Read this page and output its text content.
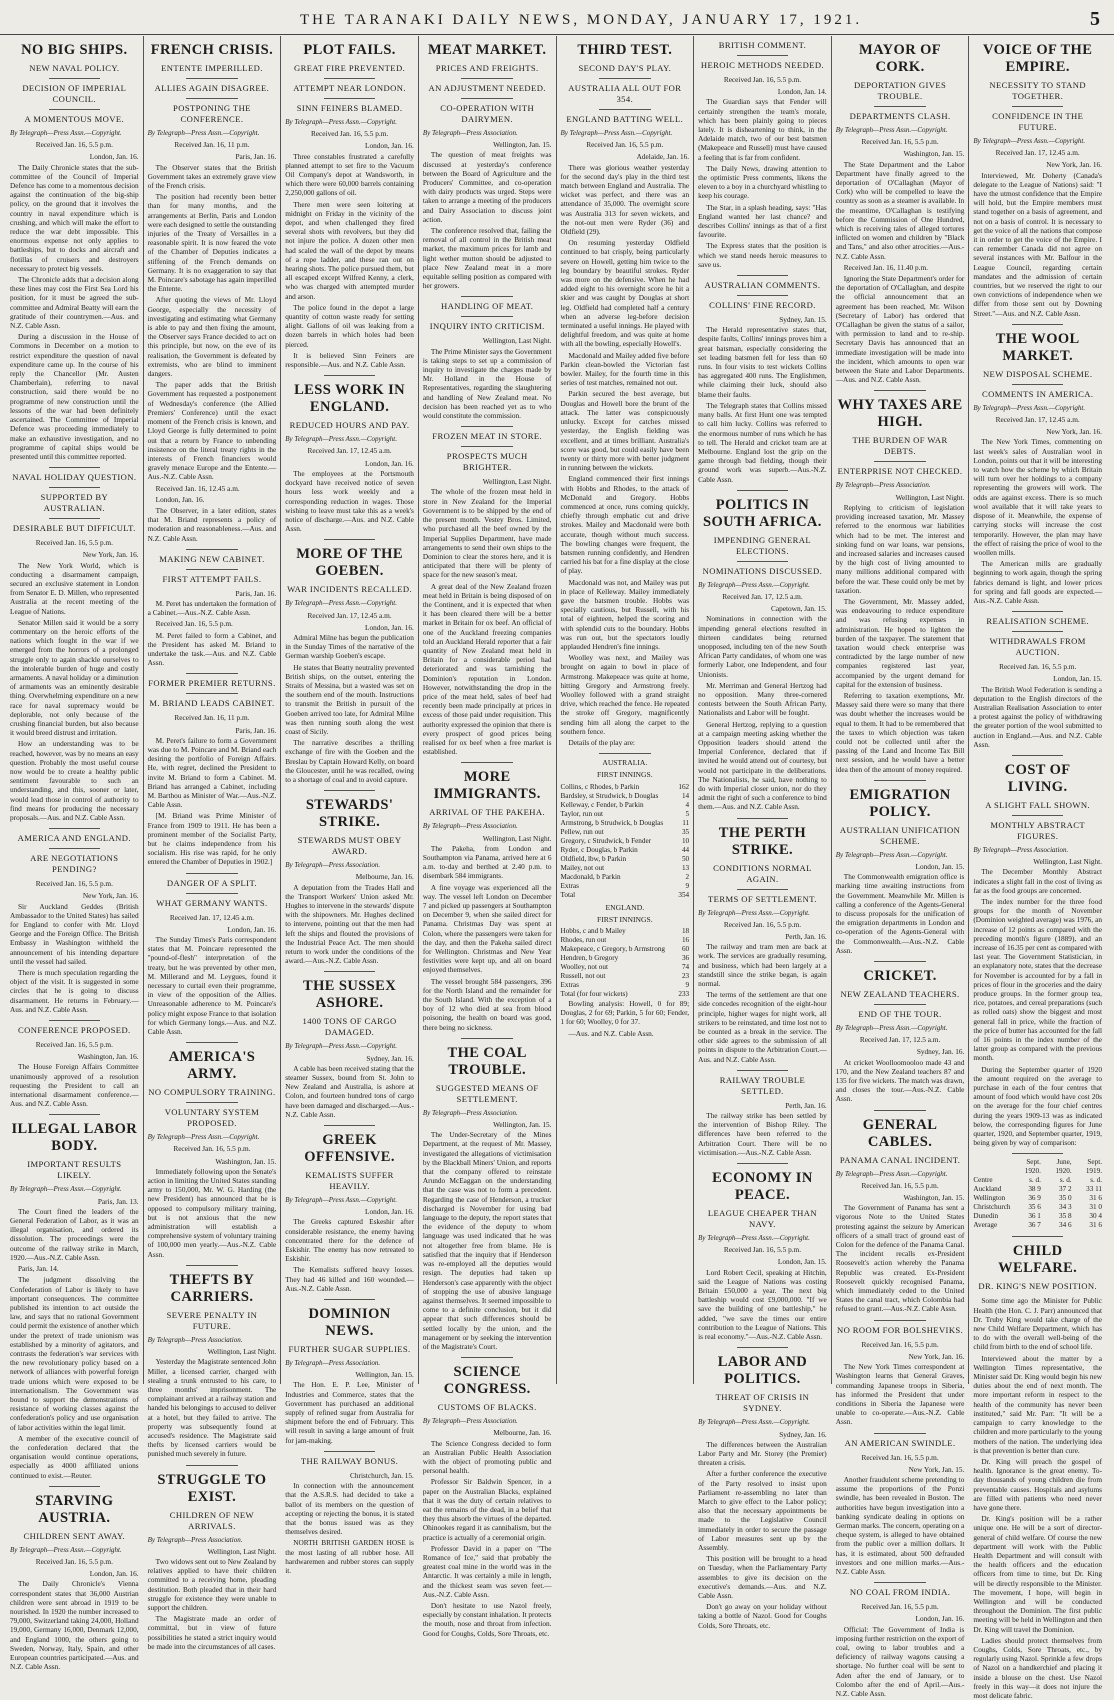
THE TARANAKI DAILY NEWS, MONDAY, JANUARY 17, 1921.	5
NO BIG SHIPS.
NEW NAVAL POLICY.
DECISION OF IMPERIAL COUNCIL.
A MOMENTOUS MOVE.
By Telegraph—Press Assn.—Copyright.
Received Jan. 16, 5.5 p.m.
London, Jan. 16.
The Daily Chronicle states that the sub-committee of the Council of Imperial Defence has come to a momentous decision against the continuation of the big-ship policy, on the ground that it involves the country in naval expenditure which is crushing, and which will make the effort to reduce the war debt impossible. This enormous expense not only applies to battleships, but to docks and aircraft and flotillas of cruisers and destroyers necessary to protect big vessels.
The Chronicle adds that a decision along these lines may cost the First Sea Lord his position, for it must be agreed the sub-committee and Admiral Beatty will earn the gratitude of their countrymen.—Aus. and N.Z. Cable Assn.
During a discussion in the House of Commons in December on a motion to restrict expenditure the question of naval expenditure came up. In the course of his reply the Chancellor (Mr. Austen Chamberlain), referring to naval construction, said there would be no programme of new construction until the lessons of the war had been definitely ascertained. The Committee of Imperial Defence was proceeding immediately to make an exhaustive investigation, and no programme of capital ships would be presented until this committee reported.
NAVAL HOLIDAY QUESTION.
SUPPORTED BY AUSTRALIAN.
DESIRABLE BUT DIFFICULT.
Received Jan. 16, 5.5 p.m.
New York, Jan. 16.
The New York World, which is conducting a disarmament campaign, secured an exclusive statement in London from Senator E. D. Millen, who represented Australia at the recent meeting of the League of Nations.
Senator Millen said it would be a sorry commentary on the heroic efforts of the nations which fought in the war if we emerged from the horrors of a prolonged struggle only to again shackle ourselves to the intolerable burden of huge and costly armaments. A naval holiday or a diminution of armaments was an eminently desirable thing. Overwhelming expenditure on a new race for naval supremacy would be deplorable, not only because of the crushing financial burden, but also because it would breed distrust and irritation.
How an understanding was to be reached, however, was by no means an easy question. Probably the most useful course now would be to create a healthy public sentiment favourable to such an understanding, and this, sooner or later, would lead those in control of authority to find means for producing the necessary proposals.—Aus. and N.Z. Cable Assn.
AMERICA AND ENGLAND.
ARE NEGOTIATIONS PENDING?
Received Jan. 16, 5.5 p.m.
New York, Jan. 16.
Sir Auckland Geddes (British Ambassador to the United States) has sailed for England to confer with Mr. Lloyd George and the Foreign Office. The British Embassy in Washington withheld the announcement of his intending departure until the vessel had sailed.
There is much speculation regarding the object of the visit. It is suggested in some circles that he is going to discuss disarmament. He returns in February.—Aus. and N.Z. Cable Assn.
CONFERENCE PROPOSED.
Received Jan. 16, 5.5 p.m.
Washington, Jan. 16.
The House Foreign Affairs Committee unanimously approved of a resolution requesting the President to call an international disarmament conference.—Aus. and N.Z. Cable Assn.
ILLEGAL LABOR BODY.
IMPORTANT RESULTS LIKELY.
By Telegraph—Press Assn.—Copyright.
Paris, Jan. 13.
The Court fined the leaders of the General Federation of Labor, as it was an illegal organisation, and ordered its dissolution. The proceedings were the outcome of the railway strike in March, 1920.—Aus.-N.Z. Cable Assn.
Paris, Jan. 14.
The judgment dissolving the Confederation of Labor is likely to have important consequences. The committee published its intention to act outside the law, and says that no rational Government could permit the existence of another which under the pretext of trade unionism was established by a minority of agitators, and contrasts the federation's war services with the new revolutionary policy based on a network of alliances with powerful foreign trade unions which were exposed to be internationalism. The Government was bound to support the demonstrations of resistance of working classes against the confederation's policy and use organisation of labor activities within the legal limit.
A member of the executive council of the confederation declared that the organisation would continue operations, especially as 4000 affiliated unions continued to exist.—Reuter.
STARVING AUSTRIA.
CHILDREN SENT AWAY.
By Telegraph—Press Assn.—Copyright.
Received Jan. 16, 5.5 p.m.
London, Jan. 16.
The Daily Chronicle's Vienna correspondent states that 36,000 Austrian children were sent abroad in 1919 to be nourished. In 1920 the number increased to 79,000, Switzerland taking 24,000, Holland 19,000, Germany 16,000, Denmark 12,000, and England 1000, the others going to Sweden, Norway, Italy, Spain, and other European countries participated.—Aus. and N.Z. Cable Assn.
FRENCH CRISIS.
ENTENTE IMPERILLED.
ALLIES AGAIN DISAGREE.
POSTPONING THE CONFERENCE.
By Telegraph—Press Assn.—Copyright.
Received Jan. 16, 11 p.m.
Paris, Jan. 16.
The Observer states that the British Government takes an extremely grave view of the French crisis.
The position had recently been better than for many months, and the arrangements at Berlin, Paris and London were each designed to settle the outstanding injuries of the Treaty of Versailles in a reasonable spirit. It is now feared the vote of the Chamber of Deputies indicates a stiffening of the French demands on Germany. It is no exaggeration to say that M. Poincare's sabotage has again imperilled the Entente.
After quoting the views of Mr. Lloyd George, especially the necessity of investigating and estimating what Germany is able to pay and then fixing the amount, the Observer says France decided to act on this principle, but now, on the eve of its realisation, the Government is defeated by extremists, who are blind to imminent dangers.
The paper adds that the British Government has requested a postponement of Wednesday's conference (the Allied Premiers' Conference) until the exact moment of the French crisis is known, and Lloyd George is fully determined to point out that a return by France to unbending insistence on the literal treaty rights in the interests of French financiers would gravely menace Europe and the Entente.—Aus.-N.Z. Cable Assn.
Received Jan. 16, 12.45 a.m.
London, Jan. 16.
The Observer, in a later edition, states that M. Briand represents a policy of moderation and reasonableness.—Aus. and N.Z. Cable Assn.
MAKING NEW CABINET.
FIRST ATTEMPT FAILS.
Paris, Jan. 16.
M. Peret has undertaken the formation of a Cabinet.—Aus.-N.Z. Cable Assn.
Received Jan. 16, 5.5 p.m.
M. Peret failed to form a Cabinet, and the President has asked M. Briand to undertake the task.—Aus. and N.Z. Cable Assn.
FORMER PREMIER RETURNS.
M. BRIAND LEADS CABINET.
Received Jan. 16, 11 p.m.
Paris, Jan. 16.
M. Peret's failure to form a Government was due to M. Poincare and M. Briand each desiring the portfolio of Foreign Affairs. He, with regret, declined the President to invite M. Briand to form a Cabinet. M. Briand has arranged a Cabinet, including M. Barthou as Minister of War.—Aus.-N.Z. Cable Assn.
[M. Briand was Prime Minister of France from 1909 to 1911. He has been a prominent member of the Socialist Party, but he claims independence from his socialism. His rise was rapid, for he only entered the Chamber of Deputies in 1902.]
DANGER OF A SPLIT.
WHAT GERMANY WANTS.
Received Jan. 17, 12.45 a.m.
London, Jan. 16.
The Sunday Times's Paris correspondent states that M. Poincare represented the "pound-of-flesh" interpretation of the treaty, but he was prevented by other men, M. Millerand and M. Leygues, found it necessary to curtail even their programme, in view of the opposition of the Allies. Unreasonable adherence to M. Poincare's policy might expose France to that isolation for which Germany longs.—Aus. and N.Z. Cable Assn.
AMERICA'S ARMY.
NO COMPULSORY TRAINING.
VOLUNTARY SYSTEM PROPOSED.
By Telegraph—Press Assn.—Copyright.
Received Jan. 16, 5.5 p.m.
Washington, Jan. 15.
Immediately following upon the Senate's action in limiting the United States standing army to 150,000, Mr. W. G. Harding (the new President) has announced that he is opposed to compulsory military training, but is not anxious that the new administration will establish a comprehensive system of voluntary training of 100,000 men yearly.—Aus.-N.Z. Cable Assn.
THEFTS BY CARRIERS.
SEVERE PENALTY IN FUTURE.
By Telegraph—Press Association.
Wellington, Last Night.
Yesterday the Magistrate sentenced John Miller, a licensed carrier, charged with stealing a trunk entrusted to his care, to three months' imprisonment. The complainant arrived at a railway station and handed his belongings to accused to deliver at a hotel, but they failed to arrive. The property was subsequently found at accused's residence. The Magistrate said thefts by licensed carriers would be punished much severely in future.
STRUGGLE TO EXIST.
CHILDREN OF NEW ARRIVALS.
By Telegraph—Press Association.
Wellington, Last Night.
Two widows sent out to New Zealand by relatives applied to have their children committed to a receiving home, pleading destitution. Both pleaded that in their hard struggle for existence they were unable to support the children.
The Magistrate made an order of committal, but in view of future possibilities he stated a strict inquiry would be made into the circumstances of all cases.
PLOT FAILS.
GREAT FIRE PREVENTED.
ATTEMPT NEAR LONDON.
SINN FEINERS BLAMED.
By Telegraph—Press Assn.—Copyright.
Received Jan. 16, 5.5 p.m.
London, Jan. 16.
Three constables frustrated a carefully planned attempt to set fire to the Vacuum Oil Company's depot at Wandsworth, in which there were 60,000 barrels containing 2,250,000 gallons of oil.
There men were seen loitering at midnight on Friday in the vicinity of the depot, and when challenged they fired several shots with revolvers, but they did not injure the police. A dozen other men had scaled the wall of the depot by means of a rope ladder, and these ran out on hearing shots. The police pursued them, but all escaped except Wilfred Kenny, a clerk, who was charged with attempted murder and arson.
The police found in the depot a large quantity of cotton waste ready for setting alight. Gallons of oil was leaking from a dozen barrels in which holes had been pierced.
It is believed Sinn Feiners are responsible.—Aus. and N.Z. Cable Assn.
LESS WORK IN ENGLAND.
REDUCED HOURS AND PAY.
By Telegraph—Press Assn.—Copyright.
Received Jan. 17, 12.45 a.m.
London, Jan. 16.
The employees at the Portsmouth dockyard have received notice of seven hours less work weekly and a corresponding reduction in wages. Those wishing to leave must take this as a week's notice of discharge.—Aus. and N.Z. Cable Assn.
MORE OF THE GOEBEN.
WAR INCIDENTS RECALLED.
By Telegraph—Press Assn.—Copyright.
Received Jan. 17, 12.45 a.m.
London, Jan. 16.
Admiral Milne has begun the publication in the Sunday Times of the narrative of the German warship Goeben's escape.
He states that Beatty neutrality prevented British ships, on the outset, entering the Straits of Messina, but a wasted was set on the southern end of the mouth. Instructions to transmit the British in pursuit of the Goeben arrived too late, for Admiral Milne was then running south along the west coast of Sicily.
The narrative describes a thrilling exchange of fire with the Goeben and the Breslau by Captain Howard Kelly, on board the Gloucester, until he was recalled, owing to a shortage of coal and to avoid capture.
STEWARDS' STRIKE.
STEWARDS MUST OBEY AWARD.
By Telegraph—Press Association.
Melbourne, Jan. 16.
A deputation from the Trades Hall and the Transport Workers' Union asked Mr. Hughes to intervene in the stewards' dispute with the shipowners. Mr. Hughes declined to intervene, pointing out that the men had left the ships and flouted the provisions of the Industrial Peace Act. The men should return to work under the conditions of the award.—Aus.-N.Z. Cable Assn.
THE SUSSEX ASHORE.
1400 TONS OF CARGO DAMAGED.
By Telegraph—Press Assn.—Copyright.
Sydney, Jan. 16.
A cable has been received stating that the steamer Sussex, bound from St. John to New Zealand and Australia, is ashore at Colon, and fourteen hundred tons of cargo have been damaged and discharged.—Aus.-N.Z. Cable Assn.
GREEK OFFENSIVE.
KEMALISTS SUFFER HEAVILY.
By Telegraph—Press Assn.—Copyright.
London, Jan. 16.
The Greeks captured Eskeshir after considerable resistance, the enemy having concentrated there for the defence of Eskishir. The enemy has now retreated to Eskishir.
The Kemalists suffered heavy losses. They had 46 killed and 160 wounded.—Aus.-N.Z. Cable Assn.
DOMINION NEWS.
FURTHER SUGAR SUPPLIES.
By Telegraph—Press Association.
Wellington, Jan. 15.
The Hon. E. P. Lee, Minister of Industries and Commerce, states that the Government has purchased an additional supply of refined sugar from Australia for shipment before the end of February. This will result in saving a large amount of fruit for jam-making.
THE RAILWAY BONUS.
Christchurch, Jan. 15.
In connection with the announcement that the A.S.R.S. had decided to take a ballot of its members on the question of accepting or rejecting the bonus, it is stated that the bonus issued was as they themselves desired.
NORTH BRITISH GARDEN HOSE is the most lasting of all rubber hose. All hardwaremen and rubber stores can supply it.
MEAT MARKET.
PRICES AND FREIGHTS.
AN ADJUSTMENT NEEDED.
CO-OPERATION WITH DAIRYMEN.
By Telegraph—Press Association.
Wellington, Jan. 15.
The question of meat freights was discussed at yesterday's conference between the Board of Agriculture and the Producers' Committee, and co-operation with dairy products was urged. Steps were taken to arrange a meeting of the producers and Dairy Association to discuss joint action.
The conference resolved that, failing the removal of all control in the British meat market, the maximum prices for lamb and light wether mutton should be adjusted to place New Zealand meat in a more equitable selling position as compared with her growers.
HANDLING OF MEAT.
INQUIRY INTO CRITICISM.
Wellington, Last Night.
The Prime Minister says the Government is taking steps to set up a commission of inquiry to investigate the charges made by Mr. Holland in the House of Representatives, regarding the slaughtering and handling of New Zealand meat. No decision has been reached yet as to who would constitute the commission.
FROZEN MEAT IN STORE.
PROSPECTS MUCH BRIGHTER.
Wellington, Last Night.
The whole of the frozen meat held in store in New Zealand for the Imperial Government is to be shipped by the end of the present month. Vestey Bros. Limited, who purchased all the beef owned by the Imperial Supplies Department, have made arrangements to send their own ships to the Dominion to clear the stores here, and it is anticipated that there will be plenty of space for the new season's meat.
A great deal of the New Zealand frozen meat held in Britain is being disposed of on the Continent, and it is expected that when it has been cleared there will be a better market in Britain for ox beef. An official of one of the Auckland freezing companies told an Auckland Herald reporter that a fair quantity of New Zealand meat held in Britain for a considerable period had deteriorated and was tarnishing the Dominion's reputation in London. However, notwithstanding the drop in the price of the meat held, sales of beef had recently been made principally at prices in excess of those paid under requisition. This authority expressed the opinion that there is every prospect of good prices being realised for ox beef when a free market is established.
MORE IMMIGRANTS.
ARRIVAL OF THE PAKEHA.
By Telegraph—Press Association.
Wellington, Last Night.
The Pakeha, from London and Southampton via Panama, arrived here at 6 a.m. to-day and berthed at 2.40 p.m. to disembark 584 immigrants.
A fine voyage was experienced all the way. The vessel left London on December 7 and picked up passengers at Southampton on December 9, when she sailed direct for Panama. Christmas Day was spent at Colon, where the passengers were taken for the day, and then the Pakeha sailed direct for Wellington. Christmas and New Year festivities were kept up, and all on board enjoyed themselves.
The vessel brought 584 passengers, 396 for the North Island and the remainder for the South Island. With the exception of a boy of 12 who died at sea from blood poisoning, the health on board was good, there being no sickness.
THE COAL TROUBLE.
SUGGESTED MEANS OF SETTLEMENT.
By Telegraph—Press Association.
Wellington, Jan. 15.
The Under-Secretary of the Mines Department, at the request of Mr. Massey, investigated the allegations of victimisation by the Blackball Miners' Union, and reports that the company offered to reinstate Arundo McEaggan on the understanding that the case was not to form a precedent. Regarding the case of Henderson, a trucker discharged is November for using bad language to the deputy, the report states that the evidence of the deputy to whom language was used indicated that he was not altogether free from blame. He is satisfied that the inquiry that if Henderson was re-employed all the deputies would resign. The deputies had taken up Henderson's case apparently with the object of stopping the use of abusive language against themselves. It seemed impossible to come to a definite conclusion, but it did appear that such differences should be settled locally by the union, and the management or by seeking the intervention of the Magistrate's Court.
SCIENCE CONGRESS.
CUSTOMS OF BLACKS.
By Telegraph—Press Association.
Melbourne, Jan. 16.
The Science Congress decided to form an Australian Public Health Association with the object of promoting public and personal health.
Professor Sir Baldwin Spencer, in a paper on the Australian Blacks, explained that it was the duty of certain relatives to eat the remains of the dead, in a belief that they thus absorb the virtues of the departed. Ohinookes regard it as cannibalism, but the practice is actually of a ceremonial origin.
Professor David in a paper on "The Romance of Ice," said that probably the greatest coal mine in the world was in the Antarctic. It was certainly a mile in length, and the thickest seam was seven feet.—Aus.-N.Z. Cable Assn.
Don't hesitate to use Nazol freely, especially by constant inhalation. It protects the mouth, nose and throat from infection. Good for Coughs, Colds, Sore Throats, etc.
THIRD TEST.
SECOND DAY'S PLAY.
AUSTRALIA ALL OUT FOR 354.
ENGLAND BATTING WELL.
By Telegraph—Press Assn.—Copyright.
Received Jan. 16, 5.5 p.m.
Adelaide, Jan. 16.
There was glorious weather yesterday for the second day's play in the third test match between England and Australia. The wicket was perfect, and there was an attendance of 35,000. The overnight score was Australia 313 for seven wickets, and the not-out men were Ryder (36) and Oldfield (29).
On resuming yesterday Oldfield continued to bat crisply, being particularly severe on Howell, getting him twice to the leg boundary by beautiful strokes. Ryder was more on the defensive. When he had added eight to his overnight score he hit a skier and was caught by Douglas at short leg. Oldfield had completed half a century when an adverse leg-before decision terminated a useful innings. He played with delightful freedom, and was quite at home with all the bowling, especially Howell's.
Macdonald and Mailey added five before Parkin clean-bowled the Victorian fast bowler. Mailey, for the fourth time in this series of test matches, remained not out.
Parkin secured the best average, but Douglas and Howell bore the brunt of the attack. The latter was conspicuously unlucky. Except for catches missed yesterday, the English fielding was excellent, and at times brilliant. Australia's score was good, but could easily have been twenty or thirty more with better judgment in running between the wickets.
England commenced their first innings with Hobbs and Rhodes, to the attack of McDonald and Gregory. Hobbs commenced at once, runs coming quickly, chiefly through emphatic cut and drive strokes. Mailey and Macdonald were both accurate, though without much success. The bowling changes were frequent, the batsmen running confidently, and Hendren carried his bat for a fine display at the close of play.
Macdonald was not, and Mailey was put in place of Kelleway. Mailey immediately gave the batsmen trouble. Hobbs was specially cautious, but Russell, with his total of eighteen, helped the scoring and with splendid cuts to the boundary. Hobbs was run out, but the spectators loudly applauded Hendren's fine innings.
Woolley was next, and Mailey was brought on again to bowl in place of Armstrong. Makepeace was quite at home, hitting Gregory and Armstrong freely. Woolley followed with a grand straight drive, which reached the fence. He repeated the stroke off Gregory, magnificently sending him all along the carpet to the southern fence.
Details of the play are:
AUSTRALIA.
FIRST INNINGS.
Collins, c Rhodes, b Parkin	162
Bardsley, st Strudwick, b Douglas	14
Kelleway, c Fender, b Parkin	4
Taylor, run out	5
Armstrong, b Strudwick, b Douglas	11
Pellew, run out	35
Gregory, c Strudwick, b Fender	10
Ryder, c Douglas, b Parkin	44
Oldfield, lbw, b Parkin	50
Mailey, not out	13
Macdonald, b Parkin	2
Extras	9
Total	354
ENGLAND.
FIRST INNINGS.
Hobbs, c and b Mailey	18
Rhodes, run out	16
Makepeace, c Gregory, b Armstrong	60
Hendren, b Gregory	36
Woolley, not out	74
Russell, not out	23
Extras	9
Total (for four wickets)	233
Bowling analysis: Howell, 0 for 89; Douglas, 2 for 69; Parkin, 5 for 60; Fender, 1 for 60; Woolley, 0 for 37.
—Aus. and N.Z. Cable Assn.
BRITISH COMMENT.
HEROIC METHODS NEEDED.
Received Jan. 16, 5.5 p.m.
London, Jan. 14.
The Guardian says that Fender will certainly strengthen the team's morale, which has been plainly going to pieces lately. It is disheartening to think, in the Adelaide match, two of our best batsmen (Makepeace and Russell) must have caused a feeling that is far from confident.
The Daily News, drawing attention to the optimistic Press comments, likens the eleven to a boy in a churchyard whistling to keep his courage.
The Star, in a splash heading, says: "Has England wanted her last chance? and describes Collins' innings as that of a first favourite.
The Express states that the position is which we stand needs heroic measures to save us.
AUSTRALIAN COMMENTS.
COLLINS' FINE RECORD.
Sydney, Jan. 15.
The Herald representative states that, despite faults, Collins' innings proves him a great batsman, especially considering the set leading batsmen fell for less than 60 runs. In four visits to test wickets Collins has aggregated 400 runs. The Englishmen, while claiming their luck, should also blame their faults.
The Telegraph states that Collins missed many balls. At first Hunt one was tempted to call him lucky. Collins was referred to the enormous number of runs which he has to tell. The Herald and cricket team are at Melbourne. England lost the grip on the game through bad fielding, though their ground work was superb.—Aus.-N.Z. Cable Assn.
POLITICS IN SOUTH AFRICA.
IMPENDING GENERAL ELECTIONS.
NOMINATIONS DISCUSSED.
By Telegraph—Press Assn.—Copyright.
Received Jan. 17, 12.5 a.m.
Capetown, Jan. 15.
Nominations in connection with the impending general elections resulted in thirteen candidates being returned unopposed, including ten of the new South African Party candidates, of whom one was formerly Labor, one Independent, and four Unionists.
Mr. Merriman and General Hertzog had no opposition. Many three-cornered contests between the South African Party, Nationalists and Labor will be fought.
General Hertzog, replying to a question at a campaign meeting asking whether the Opposition leaders should attend the Imperial Conference, declared that if invited he would attend out of courtesy, but would not participate in the deliberations. The Nationalists, he said, have nothing to do with Imperial closer union, nor do they admit the right of such a conference to bind them.—Aus. and N.Z. Cable Assn.
THE PERTH STRIKE.
CONDITIONS NORMAL AGAIN.
TERMS OF SETTLEMENT.
By Telegraph—Press Assn.—Copyright.
Received Jan. 16, 5.5 p.m.
Perth, Jan. 16.
The railway and tram men are back at work. The services are gradually resuming, and business, which had been largely at a standstill since the strike began, is again normal.
The terms of the settlement are that one side concedes recognition of the eight-hour principle, higher wages for night work, all strikers to be reinstated, and time lost not to be counted as a break in the service. The other side agrees to the submission of all points in dispute to the Arbitration Court.—Aus. and N.Z. Cable Assn.
RAILWAY TROUBLE SETTLED.
Perth, Jan. 16.
The railway strike has been settled by the intervention of Bishop Riley. The differences have been referred to the Arbitration Court. There will be no victimisation.—Aus.-N.Z. Cable Assn.
ECONOMY IN PEACE.
LEAGUE CHEAPER THAN NAVY.
By Telegraph—Press Assn.—Copyright.
Received Jan. 16, 5.5 p.m.
London, Jan. 15.
Lord Robert Cecil, speaking at Hitchin, said the League of Nations was costing Britain £50,000 a year. The next big battleship would cost £9,000,000. "If we save the building of one battleship," he added, "we save the times our entire contribution to the League of Nations. This is real economy."—Aus.-N.Z. Cable Assn.
LABOR AND POLITICS.
THREAT OF CRISIS IN SYDNEY.
By Telegraph—Press Assn.—Copyright.
Sydney, Jan. 16.
The differences between the Australian Labor Party and Mr. Storey (the Premier) threaten a crisis.
After a further conference the executive of the Party resolved to insist upon Parliament re-assembling no later than March to give effect to the Labor policy; also that the necessary appointments be made to the Legislative Council immediately in order to secure the passage of Labor measures sent up by the Assembly.
This position will be brought to a head on Tuesday, when the Parliamentary Party assembles to give its decision on the executive's demands.—Aus. and N.Z. Cable Assn.
Don't go away on your holiday without taking a bottle of Nazol. Good for Coughs Colds, Sore Throats, etc.
MAYOR OF CORK.
DEPORTATION GIVES TROUBLE.
DEPARTMENTS CLASH.
By Telegraph—Press Assn.—Copyright.
Received Jan. 16, 5.5 p.m.
Washington, Jan. 15.
The State Department and the Labor Department have finally agreed to the deportation of O'Callaghan (Mayor of Cork) who will be compelled to leave the country as soon as a steamer is available. In the meantime, O'Callaghan is testifying before the Commission of One Hundred, which is receiving tales of alleged tortures inflicted on women and children by "Black and Tans," and also other atrocities.—Aus.-N.Z. Cable Assn.
Received Jan. 16, 11.40 p.m.
Ignoring the State Department's order for the deportation of O'Callaghan, and despite the official announcement that an agreement has been reached, Mr. Wilson (Secretary of Labor) has ordered that O'Callaghan be given the status of a sailor, with permission to land and to re-ship. Secretary Davis has announced that an immediate investigation will be made into the incident, which amounts to open war between the State and Labor Departments.—Aus. and N.Z. Cable Assn.
WHY TAXES ARE HIGH.
THE BURDEN OF WAR DEBTS.
ENTERPRISE NOT CHECKED.
By Telegraph—Press Association.
Wellington, Last Night.
Replying to criticism of legislation providing increased taxation, Mr. Massey referred to the enormous war liabilities which had to be met. The interest and sinking fund on war loans, war pensions, and increased salaries and increases caused by the high cost of living amounted to many millions additional compared with before the war. These could only be met by taxation.
The Government, Mr. Massey added, was endeavouring to reduce expenditure and was refusing expenses in administration. He hoped to lighten the burden of the taxpayer. The statement that taxation would check enterprise was contradicted by the large number of new companies registered last year, accompanied by the urgent demand for capital for the extension of business.
Referring to taxation exemptions, Mr. Massey said there were so many that there was doubt whether the increases would be equal to them. It had to be remembered that the taxes to which objection was taken could not be collected until after the passing of the Land and Income Tax Bill next session, and he would have a better idea then of the amount of money required.
EMIGRATION POLICY.
AUSTRALIAN UNIFICATION SCHEME.
By Telegraph—Press Assn.—Copyright.
London, Jan. 15.
The Commonwealth emigration office is marking time awaiting instructions from the Government. Meanwhile Mr. Millen is calling a conference of the Agents-General to discuss proposals for the unification of the emigration departments in London and co-operation of the Agents-General with the Commonwealth.—Aus.-N.Z. Cable Assn.
CRICKET.
NEW ZEALAND TEACHERS.
END OF THE TOUR.
By Telegraph—Press Assn.—Copyright.
Received Jan. 17, 12.5 a.m.
Sydney, Jan. 16.
At cricket Woolloomooloo made 43 and 170, and the New Zealand teachers 87 and 135 for five wickets. The match was drawn, and closes the tour.—Aus.-N.Z. Cable Assn.
GENERAL CABLES.
PANAMA CANAL INCIDENT.
By Telegraph—Press Assn.—Copyright.
Received Jan. 16, 5.5 p.m.
Washington, Jan. 15.
The Government of Panama has sent a vigorous Note to the United States protesting against the seizure by American officers of a small tract of ground east of Colon for the defence of the Panama Canal. The incident recalls ex-President Roosevelt's action whereby the Panama Republic was created. Ex-President Roosevelt quickly recognised Panama, which immediately ceded to the United States the canal tract, which Colombia had refused to grant.—Aus.-N.Z. Cable Assn.
NO ROOM FOR BOLSHEVIKS.
Received Jan. 16, 5.5 p.m.
New York, Jan. 16.
The New York Times correspondent at Washington learns that General Graves, commanding Japanese troops in Siberia, has informed the President that under conditions in Siberia the Japanese were unable to co-operate.—Aus.-N.Z. Cable Assn.
AN AMERICAN SWINDLE.
Received Jan. 16, 5.5 p.m.
New York, Jan. 15.
Another fraudulent scheme pretending to assume the proportions of the Ponzi swindle, has been revealed in Boston. The authorities have begun investigation into a banking syndicate dealing in options on German marks. The concern, operating on a cheque system, is alleged to have obtained from the public over a million dollars. It has, it is estimated, about 500 defrauded investors and one million marks.—Aus.-N.Z. Cable Assn.
NO COAL FROM INDIA.
Received Jan. 16, 5.5 p.m.
London, Jan. 16.
Official: The Government of India is imposing further restriction on the export of coal, owing to labor troubles and a deficiency of railway wagons causing a shortage. No further coal will be sent to Aden after the end of January, or to Colombo after the end of April.—Aus.-N.Z. Cable Assn.
VOICE OF THE EMPIRE.
NECESSITY TO STAND TOGETHER.
CONFIDENCE IN THE FUTURE.
By Telegraph—Press Assn.—Copyright.
Received Jan. 17, 12.45 a.m.
New York, Jan. 16.
Interviewed, Mr. Doherty (Canada's delegate to the League of Nations) said: "I have the utmost confidence that the Empire will hold, but the Empire members must stand together on a basis of agreement, and not on a basis of control. It is necessary to get the voice of all the nations that compose it in order to get the voice of the Empire. I can remember Canada did not agree on several instances with Mr. Balfour in the League Council, regarding certain mandates and the admission of certain countries, but we reserved the right to our own convictions of independence when we differ from those sent out by Downing Street."—Aus. and N.Z. Cable Assn.
THE WOOL MARKET.
NEW DISPOSAL SCHEME.
COMMENTS IN AMERICA.
By Telegraph—Press Assn.—Copyright.
Received Jan. 17, 12.45 a.m.
New York, Jan. 16.
The New York Times, commenting on last week's sales of Australian wool in London, points out that it will be interesting to watch how the scheme by which Britain will turn over her holdings to a company representing the growers will work. The odds are against excess. There is so much wool available that it will take years to dispose of it. Meanwhile, the expense of carrying stocks will increase the cost temporarily. However, the plan may have the effect of raising the price of wool to the woollen mills.
The American mills are gradually beginning to work again, though the spring fabrics demand is light, and lower prices for spring and fall goods are expected.—Aus.-N.Z. Cable Assn.
REALISATION SCHEME.
WITHDRAWALS FROM AUCTION.
Received Jan. 16, 5.5 p.m.
London, Jan. 15.
The British Wool Federation is sending a deputation to the English directors of the Australian Realisation Association to enter a protest against the policy of withdrawing the greater portion of the wool submitted to auction in England.—Aus. and N.Z. Cable Assn.
COST OF LIVING.
A SLIGHT FALL SHOWN.
MONTHLY ABSTRACT FIGURES.
By Telegraph—Press Association.
Wellington, Last Night.
The December Monthly Abstract indicates a slight fall in the cost of living as far as the food groups are concerned.
The index number for the three food groups for the month of November (Dominion weighted average) was 1976, an increase of 12 points as compared with the preceding month's figure (1889), and an increase of 16.35 per cent as compared with last year. The Government Statistician, in an explanatory note, states that the decrease for November is accounted for by a fall in prices of flour in the groceries and the dairy produce groups. In the former group tea, rice, potatoes, and cereal preparations (such as rolled oats) show the biggest and most general fall in price, while the fraction of the price of butter has accounted for the fall of 16 points in the index number of the latter group as compared with the previous month.
During the September quarter of 1920 the amount required on the average to purchase in each of the four centres that amount of food which would have cost 20s on the average for the four chief centres during the years 1909-13 was as indicated below, the corresponding figures for June quarter, 1920, and September quarter, 1919, being given by way of comparison:
	Sept. 1920.	June, 1920.	Sept. 1919.
Centre	s. d.	s. d.	s. d.
Auckland	38 9	37 2	33 11
Wellington	36 9	35 0	31 6
Christchurch	35 6	34 3	31 0
Dunedin	36 1	35 8	30 4
Average	36 7	34 6	31 6
CHILD WELFARE.
DR. KING'S NEW POSITION.
Some time ago the Minister for Public Health (the Hon. C. J. Parr) announced that Dr. Truby King would take charge of the new Child Welfare Department, which has to do with the overall well-being of the child from birth to the end of school life.
Interviewed about the matter by a Wellington Times representative, the Minister said Dr. King would begin his new duties about the end of next month. The more important reform in respect to the health of the community has never been instituted," said Mr. Parr. "It will be a campaign to carry knowledge to the children and more particularly to the young mothers of the nation. The underlying idea is that prevention is better than cure.
Dr. King will preach the gospel of health. Ignorance is the great enemy. To-day thousands of young children die from preventable causes. Hospitals and asylums are filled with patients who need never have gone there.
Dr. King's position will be a rather unique one. He will be a sort of director-general of child welfare. Of course the new department will work with the Public Health Department and will consult with the health officers and the education officers from time to time, but Dr. King will be directly responsible to the Minister. The movement, I hope, will begin in Wellington and will be conducted throughout the Dominion. The first public meeting will be held in Wellington and then Dr. King will travel the Dominion.
Ladies should protect themselves from Coughs, Colds, Sore Throats, etc., by regularly using Nazol. Sprinkle a few drops of Nazol on a handkerchief and placing it inside a blouse on the chest. Use Nazol freely in this way—it does not injure the most delicate fabric.
